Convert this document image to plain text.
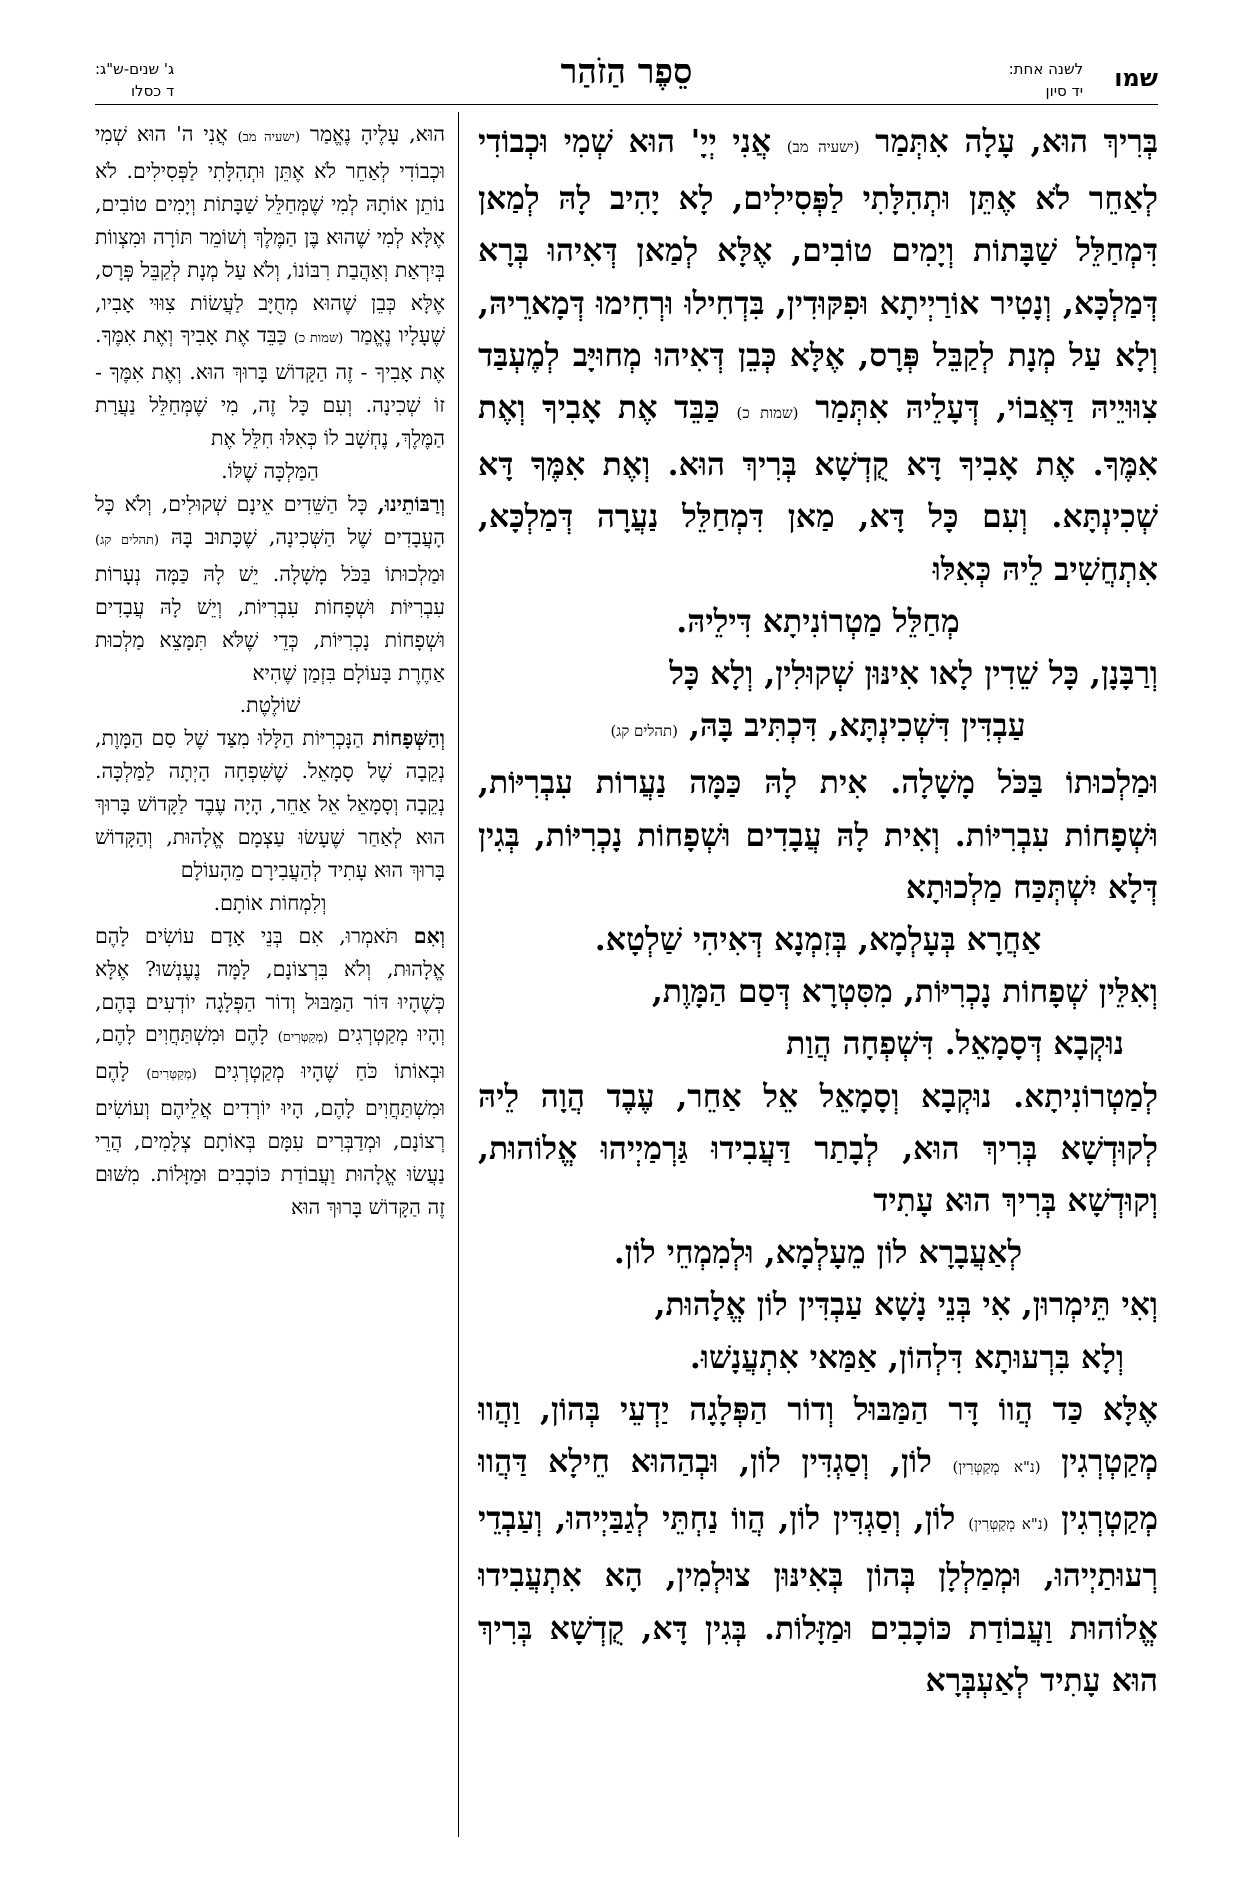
שמו לשנה אחת:
יד סיון
סֵפֶר הַזֹהַר
ג' שנים-ש"ג:
ד כסלו

בְּרִיךְ הוּא, עָלָה אִתְּמַר (ישעיה מב) אֲנִי יְיָ' הוּא שְׁמִי וּכְבוֹדִי לְאַחֵר לֹא אֶתֵּן וּתְהִלָּתִי לַפְּסִילִים, לָא יָהִיב לָהּ לְמַאן דִּמְחַלֵּל שַׁבָּתוֹת וְיָמִים טוֹבִים, אֶלָּא לְמַאן דְּאִיהוּ בְּרָא דְּמַלְכָּא, וְנָטִיר אוֹרַיְיתָא וּפִקּוּדִין, בִּדְחִילוּ וּרְחִימוּ דְּמָארֵיהּ, וְלָא עַל מְנָת לְקַבֵּל פְּרָס, אֶלָּא כְּבֵן דְּאִיהוּ מְחוּיָּב לְמֶעְבַּד צִוּוּיֵיהּ דַּאֲבוֹי, דְּעָלֵיהּ אִתְּמַר (שמות כ) כַּבֵּד אֶת אָבִיךָ וְאֶת אִמֶּךָ. אֶת אָבִיךָ דָּא קֻדְשָׁא בְּרִיךְ הוּא. וְאֶת אִמֶּךָ דָּא שְׁכִינְתָּא. וְעִם כָּל דָּא, מַאן דִּמְחַלֵּל נַעֲרָה דְּמַלְכָּא, אִתְחֲשִׁיב לֵיהּ כְּאִלּוּ

מְחַלֵּל מַטְרוֹנִיתָא דִּילֵיהּ.

וְרַבָּנָן, כָּל שֵׁדִין לָאו אִינּוּן שְׁקוּלִין, וְלָא כָּל

עַבְדִּין דִּשְׁכִינְתָּא, דִּכְתִּיב בָּהּ, (תהלים קג)

וּמַלְכוּתוֹ בַּכֹּל מָשָׁלָה. אִית לָהּ כַּמָּה נַעֲרוֹת עִבְרִיּוֹת, וּשְׁפָחוֹת עִבְרִיּוֹת. וְאִית לָהּ עֲבָדִים וּשְׁפָחוֹת נָכְרִיּוֹת, בְּגִין דְּלָא יִשְׁתְּכַּח מַלְכוּתָא

אַחֲרָא בְּעָלְמָא, בְּזִמְנָא דְּאִיהִי שַׁלְטָא.

וְאִלֵּין שְׁפָחוֹת נָכְרִיּוֹת, מִסִּטְרָא דְּסַם הַמָּוֶת,

נוּקְבָא דְּסָמָאֵל. דִּשְׁפְחָה הֲוַת

לְמַטְרוֹנִיתָא. נוּקְבָא וְסָמָאֵל אֵל אַחֵר, עֶבֶד הֲוָה לֵיהּ לְקוּדְשָׁא בְּרִיךְ הוּא, לְבָתַר דַּעֲבִידוּ גַּרְמַיְיהוּ אֱלוֹהוּת, וְקוּדְשָׁא בְּרִיךְ הוּא עָתִיד

לְאַעֲבָרָא לוֹן מֵעָלְמָא, וּלְמִמְחֵי לוֹן.

וְאִי תֵּימְרוּן, אִי בְּנֵי נָשָׁא עַבְדִּין לוֹן אֱלָהוּת,

וְלָא בִּרְעוּתָא דִּלְהוֹן, אַמַּאי אִתְעֲנָשׁוּ.

אֶלָּא כַּד הֲווֹ דָּר הַמַּבּוּל וְדוֹר הַפְּלָגָה יַדְעֵי בְּהוֹן, וַהֲווּ מְקַטְרְגִין (נ"א מְקַטְּרִין) לוֹן, וְסַגְדִּין לוֹן, וּבְהַהוּא חֵילָא דַּהֲווּ מְקַטְרְגִין (נ"א מְקַטְּרִין) לוֹן, וְסַגְדִּין לוֹן, הֲווֹ נַחְתֵּי לְגַבַּיְיהוּ, וְעַבְדֵי רְעוּתַיְיהוּ, וּמְמַלְלָן בְּהוֹן בְּאִינּוּן צוּלְמִין, הָא אִתְעֲבִידוּ אֱלוֹהוּת וַעֲבוֹדַת כּוֹכָבִים וּמַזָּלוֹת. בְּגִין דָּא, קֻדְשָׁא בְּרִיךְ הוּא עָתִיד לְאַעְבְּרָא

הוּא, עָלֶיהָ נֶאֱמַר (ישעיה מב) אֲנִי ה' הוּא שְׁמִי וּכְבוֹדִי לְאַחֵר לֹא אֶתֵּן וּתְהִלָּתִי לַפְּסִילִים. לֹא נוֹתֵן אוֹתָהּ לְמִי שֶׁמְּחַלֵּל שַׁבָּתוֹת וְיָמִים טוֹבִים, אֶלָּא לְמִי שֶׁהוּא בֶּן הַמֶּלֶךְ וְשׁוֹמֵר תּוֹרָה וּמִצְווֹת בְּיִרְאַת וְאַהֲבַת רִבּוֹנוֹ, וְלֹא עַל מְנָת לְקַבֵּל פְּרָס, אֶלָּא כְּבֵן שֶׁהוּא מְחֻיָּב לַעֲשׂוֹת צִוּוּי אָבִיו, שֶׁעָלָיו נֶאֱמַר (שמות כ) כַּבֵּד אֶת אָבִיךָ וְאֶת אִמֶּךָ. אֶת אָבִיךָ - זֶה הַקָּדוֹשׁ בָּרוּךְ הוּא. וְאֶת אִמֶּךָ - זוֹ שְׁכִינָה. וְעִם כָּל זֶה, מִי שֶׁמְּחַלֵּל נַעֲרַת הַמֶּלֶךְ, נֶחְשָׁב לוֹ כְּאִלּוּ חִלֵּל אֶת

הַמַּלְכָּה שֶׁלּוֹ.

וְרַבּוֹתֵינוּ, כָּל הַשֵּׁדִים אֵינָם שְׁקוּלִים, וְלֹא כָּל הָעֲבָדִים שֶׁל הַשְּׁכִינָה, שֶׁכָּתוּב בָּהּ (תהלים קג) וּמַלְכוּתוֹ בַּכֹּל מָשָׁלָה. יֵשׁ לָהּ כַּמָּה נְעָרוֹת עִבְרִיּוֹת וּשְׁפָחוֹת עִבְרִיּוֹת, וְיֵשׁ לָהּ עֲבָדִים וּשְׁפָחוֹת נָכְרִיּוֹת, כְּדֵי שֶׁלֹּא תִּמָּצֵא מַלְכוּת אַחֶרֶת בָּעוֹלָם בִּזְמַן שֶׁהִיא

שׁוֹלֶטֶת.

וְהַשְּׁפָחוֹת הַנָּכְרִיּוֹת הַלָּלוּ מִצַּד שֶׁל סַם הַמָּוֶת, נְקֵבָה שֶׁל סָמָאֵל. שֶׁשִּׁפְחָה הָיְתָה לַמַּלְכָּה. נְקֵבָה וְסָמָאֵל אֵל אַחֵר, הָיָה עֶבֶד לַקָּדוֹשׁ בָּרוּךְ הוּא לְאַחַר שֶׁעָשׂוּ עַצְמָם אֱלָהוּת, וְהַקָּדוֹשׁ בָּרוּךְ הוּא עָתִיד לְהַעֲבִירָם מֵהָעוֹלָם

וְלִמְחוֹת אוֹתָם.

וְאִם תֹּאמְרוּ, אִם בְּנֵי אָדָם עוֹשִׂים לָהֶם אֱלָהוּת, וְלֹא בִּרְצוֹנָם, לָמָּה נֶעֶנְשׁוּ? אֶלָּא כְּשֶׁהָיוּ דּוֹר הַמַּבּוּל וְדוֹר הַפְּלָגָה יוֹדְעִים בָּהֶם, וְהָיוּ מְקַטְרְגִים (מְקַטְּרִים) לָהֶם וּמִשְׁתַּחֲוִים לָהֶם, וּבְאוֹתוֹ כֹּחַ שֶׁהָיוּ מְקַטְרְגִים (מְקַטְּרִים) לָהֶם וּמִשְׁתַּחֲוִים לָהֶם, הָיוּ יוֹרְדִים אֲלֵיהֶם וְעוֹשִׂים רְצוֹנָם, וּמְדַבְּרִים עִמָּם בְּאוֹתָם צְלָמִים, הֲרֵי נַעֲשׂוּ אֱלָהוּת וַעֲבוֹדַת כּוֹכָבִים וּמַזָּלוֹת. מִשּׁוּם זֶה הַקָּדוֹשׁ בָּרוּךְ הוּא
